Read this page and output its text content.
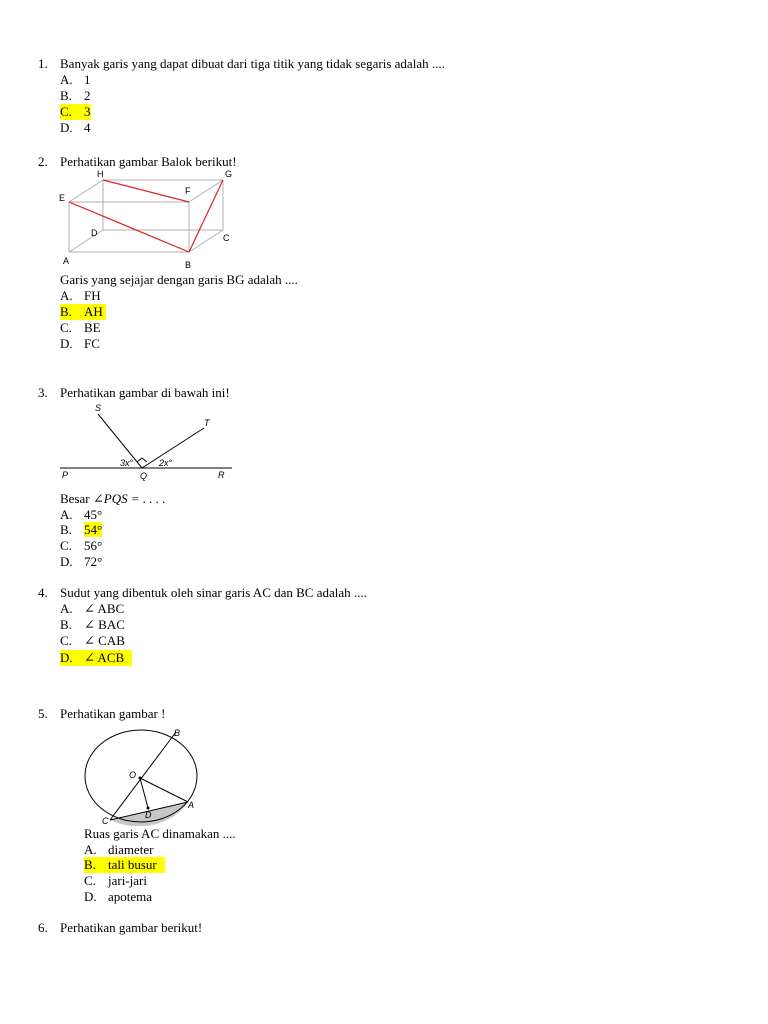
1. Banyak garis yang dapat dibuat dari tiga titik yang tidak segaris adalah ....
A. 1
B. 2
C. 3
D. 4
2. Perhatikan gambar Balok berikut!
H	G
E
F
D	C
A	B
Garis yang sejajar dengan garis BG adalah ....
A. FH
B. AH
C. BE
D. FC
3. Perhatikan gambar di bawah ini!
S
T
P	Q	R
3x°	2x°
Besar ∠PQS = . . . .
A. 45°
B. 54°
C. 56°
D. 72°
4. Sudut yang dibentuk oleh sinar garis AC dan BC adalah ....
A. ∠ ABC
B. ∠ BAC
C. ∠ CAB
D. ∠ ACB
5. Perhatikan gambar !
B
O
A
C
D
Ruas garis AC dinamakan ....
A. diameter
B. tali busur
C. jari-jari
D. apotema
6. Perhatikan gambar berikut!
